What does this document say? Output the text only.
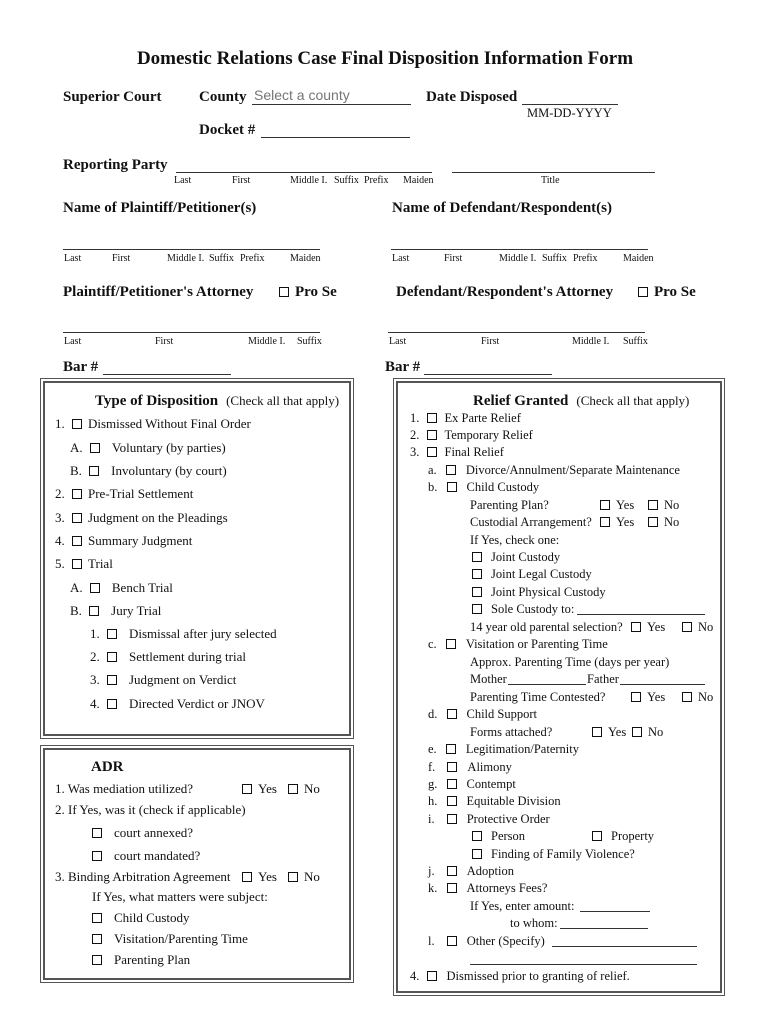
Domestic Relations Case Final Disposition Information Form
Superior Court	County
Select a county	Date Disposed
MM-DD-YYYY
Docket #
Reporting Party
Last	First	Middle I. Suffix Prefix Maiden	Title
Name of Plaintiff/Petitioner(s)	Name of Defendant/Respondent(s)
Last	First	Middle I. Suffix Prefix	Maiden	Last	First	Middle I. Suffix Prefix	Maiden
Plaintiff/Petitioner's Attorney	Pro Se	Defendant/Respondent's Attorney	Pro Se
Last	First	Middle I. Suffix	Last	First	Middle I. Suffix
Bar #	Bar #
Type of Disposition (Check all that apply)
1. Dismissed Without Final Order
A. Voluntary (by parties)
B. Involuntary (by court)
2. Pre-Trial Settlement
3. Judgment on the Pleadings
4. Summary Judgment
5. Trial
A. Bench Trial
B. Jury Trial
1. Dismissal after jury selected
2. Settlement during trial
3. Judgment on Verdict
4. Directed Verdict or JNOV
ADR
1. Was mediation utilized?	Yes	No
2. If Yes, was it (check if applicable)
court annexed?
court mandated?
3. Binding Arbitration Agreement	Yes	No
If Yes, what matters were subject:
Child Custody
Visitation/Parenting Time
Parenting Plan
Relief Granted (Check all that apply)
1. Ex Parte Relief
2. Temporary Relief
3. Final Relief
a. Divorce/Annulment/Separate Maintenance
b. Child Custody
Parenting Plan?	Yes	No
Custodial Arrangement?	Yes	No
If Yes, check one:
Joint Custody
Joint Legal Custody
Joint Physical Custody
Sole Custody to:
14 year old parental selection?	Yes	No
c. Visitation or Parenting Time
Approx. Parenting Time (days per year)
Mother	Father
Parenting Time Contested?	Yes	No
d. Child Support
Forms attached?	Yes	No
e. Legitimation/Paternity
f. Alimony
g. Contempt
h. Equitable Division
i. Protective Order
Person	Property
Finding of Family Violence?
j. Adoption
k. Attorneys Fees?
If Yes, enter amount:
to whom:
l. Other (Specify)
4. Dismissed prior to granting of relief.
